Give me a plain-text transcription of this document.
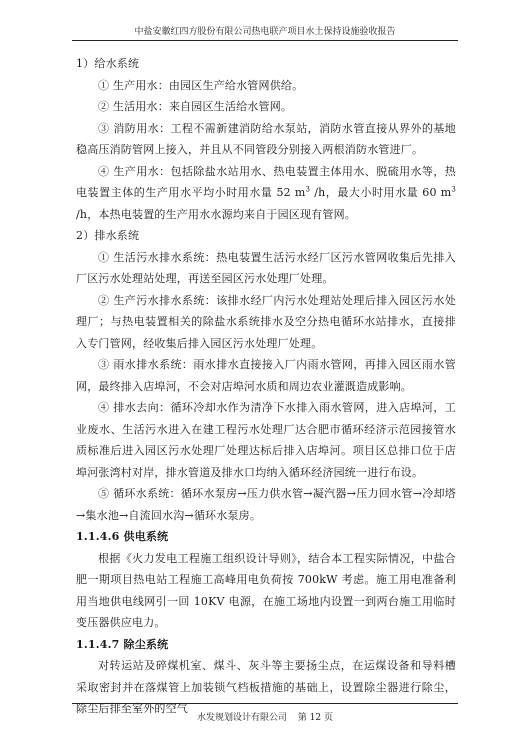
中盐安徽红四方股份有限公司热电联产项目水土保持设施验收报告

1）给水系统

① 生产用水：由园区生产给水管网供给。

② 生活用水：来自园区生活给水管网。

③ 消防用水：工程不需新建消防给水泵站，消防水管直接从界外的基地稳高压消防管网上接入，并且从不同管段分别接入两根消防水管进厂。

④ 生产用水：包括除盐水站用水、热电装置主体用水、脱硫用水等，热电装置主体的生产用水平均小时用水量 52 $m^3$ /h，最大小时用水量 60 $m^3$ /h，本热电装置的生产用水水源均来自于园区现有管网。

2）排水系统

① 生活污水排水系统：热电装置生活污水经厂区污水管网收集后先排入厂区污水处理站处理，再送至园区污水处理厂处理。

② 生产污水排水系统：该排水经厂内污水处理站处理后排入园区污水处理厂；与热电装置相关的除盐水系统排水及空分热电循环水站排水，直接排入专门管网，经收集后排入园区污水处理厂处理。

③ 雨水排水系统：雨水排水直接接入厂内雨水管网，再排入园区雨水管网，最终排入店埠河，不会对店埠河水质和周边农业灌溉造成影响。

④ 排水去向：循环冷却水作为清净下水排入雨水管网，进入店埠河，工业废水、生活污水进入在建工程污水处理厂达合肥市循环经济示范园接管水质标准后进入园区污水处理厂处理达标后排入店埠河。项目区总排口位于店埠河张湾村对岸，排水管道及排水口均纳入循环经济园统一进行布设。

⑤ 循环水系统：循环水泵房→压力供水管→凝汽器→压力回水管→冷却塔→集水池→自流回水沟→循环水泵房。

1.1.4.6 供电系统

根据《火力发电工程施工组织设计导则》，结合本工程实际情况，中盐合肥一期项目热电站工程施工高峰用电负荷按 700kW 考虑。施工用电准备利用当地供电线网引一回 10KV 电源，在施工场地内设置一到两台施工用临时变压器供应电力。

1.1.4.7 除尘系统

对转运站及碎煤机室、煤斗、灰斗等主要扬尘点，在运煤设备和导料槽采取密封并在落煤管上加装锁气档板措施的基础上，设置除尘器进行除尘，除尘后排至室外的空气

水发规划设计有限公司 第 12 页
